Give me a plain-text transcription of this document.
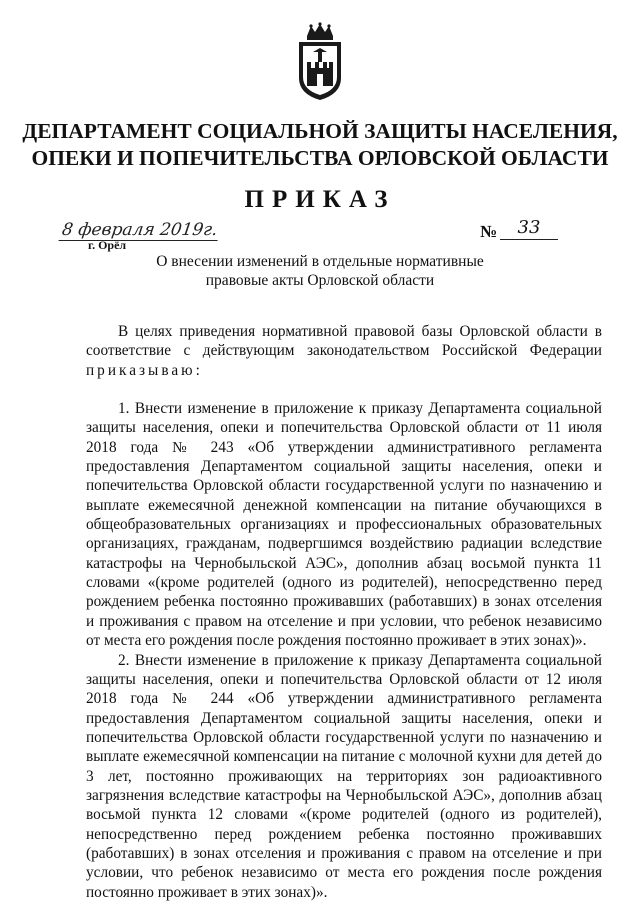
ДЕПАРТАМЕНТ СОЦИАЛЬНОЙ ЗАЩИТЫ НАСЕЛЕНИЯ, ОПЕКИ И ПОПЕЧИТЕЛЬСТВА ОРЛОВСКОЙ ОБЛАСТИ
ПРИКАЗ
8 февраля 2019г.
г. Орёл
№	33
О внесении изменений в отдельные нормативные правовые акты Орловской области

В целях приведения нормативной правовой базы Орловской области в соответствие с действующим законодательством Российской Федерации приказываю:

1. Внести изменение в приложение к приказу Департамента социальной защиты населения, опеки и попечительства Орловской области от 11 июля 2018 года № 243 «Об утверждении административного регламента предоставления Департаментом социальной защиты населения, опеки и попечительства Орловской области государственной услуги по назначению и выплате ежемесячной денежной компенсации на питание обучающихся в общеобразовательных организациях и профессиональных образовательных организациях, гражданам, подвергшимся воздействию радиации вследствие катастрофы на Чернобыльской АЭС», дополнив абзац восьмой пункта 11 словами «(кроме родителей (одного из родителей), непосредственно перед рождением ребенка постоянно проживавших (работавших) в зонах отселения и проживания с правом на отселение и при условии, что ребенок независимо от места его рождения после рождения постоянно проживает в этих зонах)».

2. Внести изменение в приложение к приказу Департамента социальной защиты населения, опеки и попечительства Орловской области от 12 июля 2018 года № 244 «Об утверждении административного регламента предоставления Департаментом социальной защиты населения, опеки и попечительства Орловской области государственной услуги по назначению и выплате ежемесячной компенсации на питание с молочной кухни для детей до 3 лет, постоянно проживающих на территориях зон радиоактивного загрязнения вследствие катастрофы на Чернобыльской АЭС», дополнив абзац восьмой пункта 12 словами «(кроме родителей (одного из родителей), непосредственно перед рождением ребенка постоянно проживавших (работавших) в зонах отселения и проживания с правом на отселение и при условии, что ребенок независимо от места его рождения после рождения постоянно проживает в этих зонах)».
